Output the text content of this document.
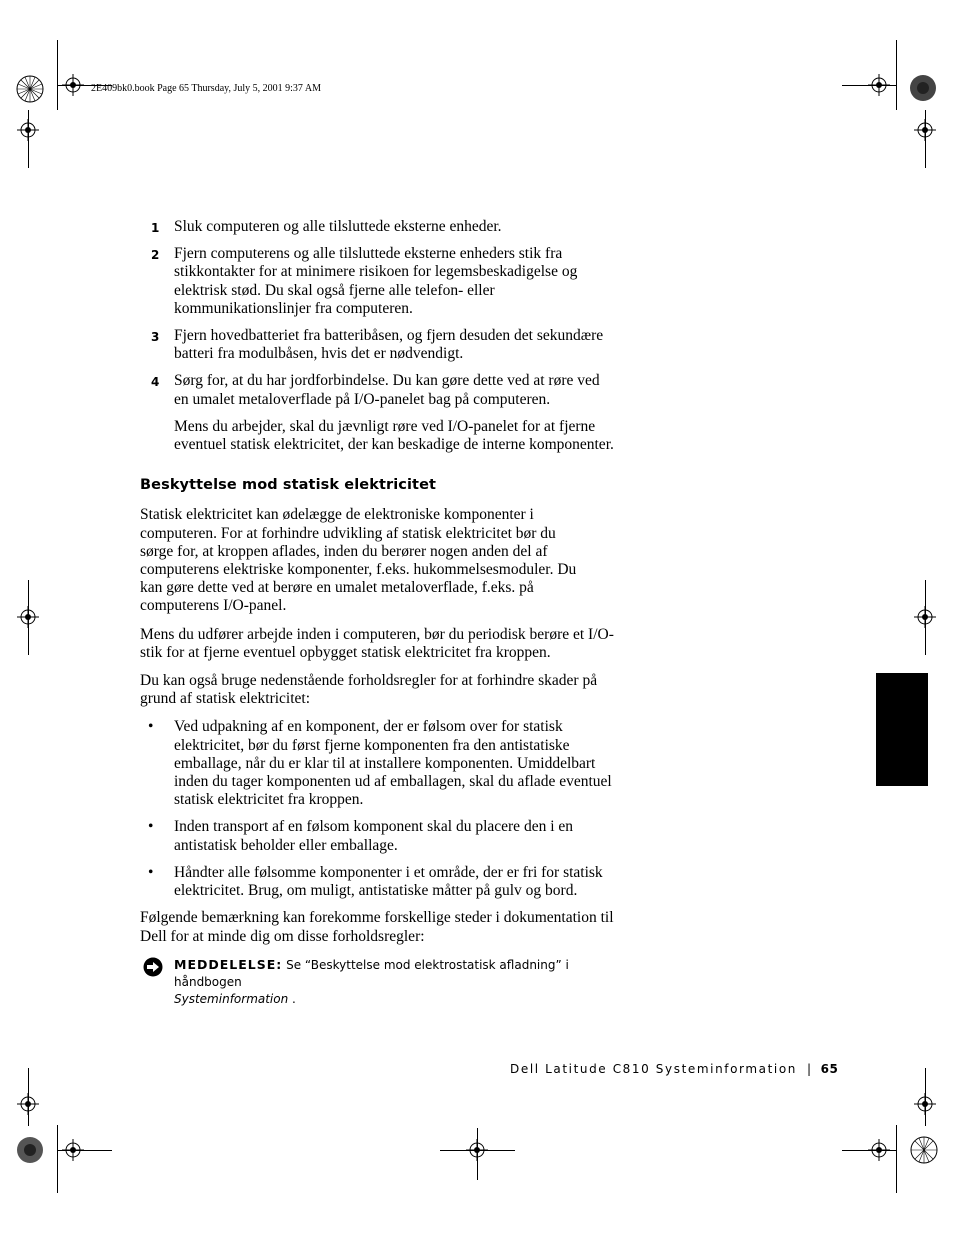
2E409bk0.book Page 65 Thursday, July 5, 2001 9:37 AM
1 Sluk computeren og alle tilsluttede eksterne enheder.
2 Fjern computerens og alle tilsluttede eksterne enheders stik fra stikkontakter for at minimere risikoen for legemsbeskadigelse og elektrisk stød. Du skal også fjerne alle telefon- eller kommunikationslinjer fra computeren.
3 Fjern hovedbatteriet fra batteribåsen, og fjern desuden det sekundære batteri fra modulbåsen, hvis det er nødvendigt.
4 Sørg for, at du har jordforbindelse. Du kan gøre dette ved at røre ved en umalet metaloverflade på I/O-panelet bag på computeren.
Mens du arbejder, skal du jævnligt røre ved I/O-panelet for at fjerne eventuel statisk elektricitet, der kan beskadige de interne komponenter.
Beskyttelse mod statisk elektricitet

Statisk elektricitet kan ødelægge de elektroniske komponenter i computeren. For at forhindre udvikling af statisk elektricitet bør du sørge for, at kroppen aflades, inden du berører nogen anden del af computerens elektriske komponenter, f.eks. hukommelsesmoduler. Du kan gøre dette ved at berøre en umalet metaloverflade, f.eks. på computerens I/O-panel.

Mens du udfører arbejde inden i computeren, bør du periodisk berøre et I/O-stik for at fjerne eventuel opbygget statisk elektricitet fra kroppen.

Du kan også bruge nedenstående forholdsregler for at forhindre skader på grund af statisk elektricitet:

• Ved udpakning af en komponent, der er følsom over for statisk elektricitet, bør du først fjerne komponenten fra den antistatiske emballage, når du er klar til at installere komponenten. Umiddelbart inden du tager komponenten ud af emballagen, skal du aflade eventuel statisk elektricitet fra kroppen.
• Inden transport af en følsom komponent skal du placere den i en antistatisk beholder eller emballage.
• Håndter alle følsomme komponenter i et område, der er fri for statisk elektricitet. Brug, om muligt, antistatiske måtter på gulv og bord.

Følgende bemærkning kan forekomme forskellige steder i dokumentation til Dell for at minde dig om disse forholdsregler:

MEDDELELSE: Se “Beskyttelse mod elektrostatisk afladning” i håndbogen
Systeminformation .
Dell Latitude C810 Systeminformation | 65
